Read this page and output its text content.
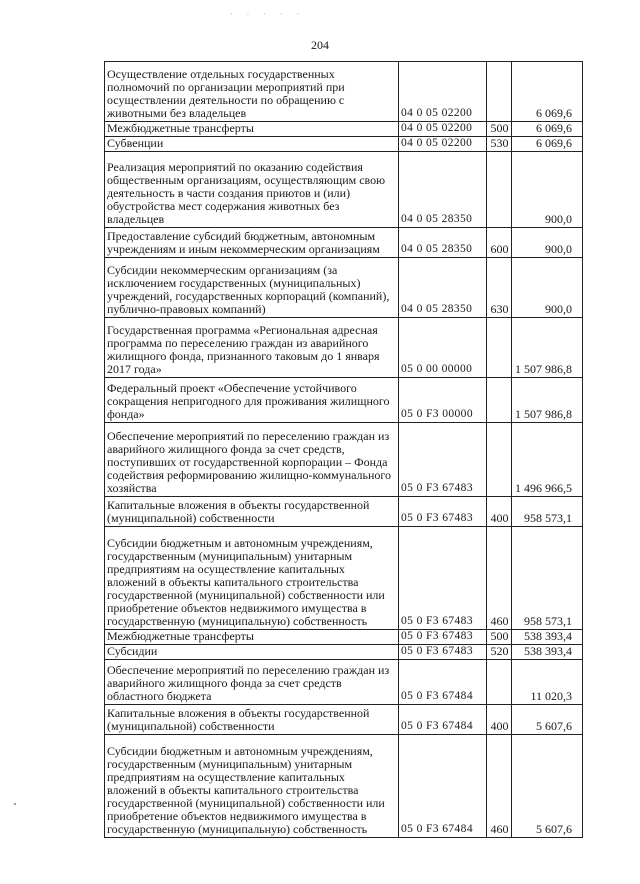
· · · · ·
204
Осуществление отдельных государственных полномочий по организации мероприятий при осуществлении деятельности по обращению с животными без владельцев	04 0 05 02200		6 069,6
Межбюджетные трансферты	04 0 05 02200	500	6 069,6
Субвенции	04 0 05 02200	530	6 069,6
Реализация мероприятий по оказанию содействия общественным организациям, осуществляющим свою деятельность в части создания приютов и (или) обустройства мест содержания животных без владельцев	04 0 05 28350		900,0
Предоставление субсидий бюджетным, автономным учреждениям и иным некоммерческим организациям	04 0 05 28350	600	900,0
Субсидии некоммерческим организациям (за исключением государственных (муниципальных) учреждений, государственных корпораций (компаний), публично-правовых компаний)	04 0 05 28350	630	900,0
Государственная программа «Региональная адресная программа по переселению граждан из аварийного жилищного фонда, признанного таковым до 1 января 2017 года»	05 0 00 00000		1 507 986,8
Федеральный проект «Обеспечение устойчивого сокращения непригодного для проживания жилищного фонда»	05 0 F3 00000		1 507 986,8
Обеспечение мероприятий по переселению граждан из аварийного жилищного фонда за счет средств, поступивших от государственной корпорации – Фонда содействия реформированию жилищно-коммунального хозяйства	05 0 F3 67483		1 496 966,5
Капитальные вложения в объекты государственной (муниципальной) собственности	05 0 F3 67483	400	958 573,1
Субсидии бюджетным и автономным учреждениям, государственным (муниципальным) унитарным предприятиям на осуществление капитальных вложений в объекты капитального строительства государственной (муниципальной) собственности или приобретение объектов недвижимого имущества в государственную (муниципальную) собственность	05 0 F3 67483	460	958 573,1
Межбюджетные трансферты	05 0 F3 67483	500	538 393,4
Субсидии	05 0 F3 67483	520	538 393,4
Обеспечение мероприятий по переселению граждан из аварийного жилищного фонда за счет средств областного бюджета	05 0 F3 67484		11 020,3
Капитальные вложения в объекты государственной (муниципальной) собственности	05 0 F3 67484	400	5 607,6
Субсидии бюджетным и автономным учреждениям, государственным (муниципальным) унитарным предприятиям на осуществление капитальных вложений в объекты капитального строительства государственной (муниципальной) собственности или приобретение объектов недвижимого имущества в государственную (муниципальную) собственность	05 0 F3 67484	460	5 607,6
